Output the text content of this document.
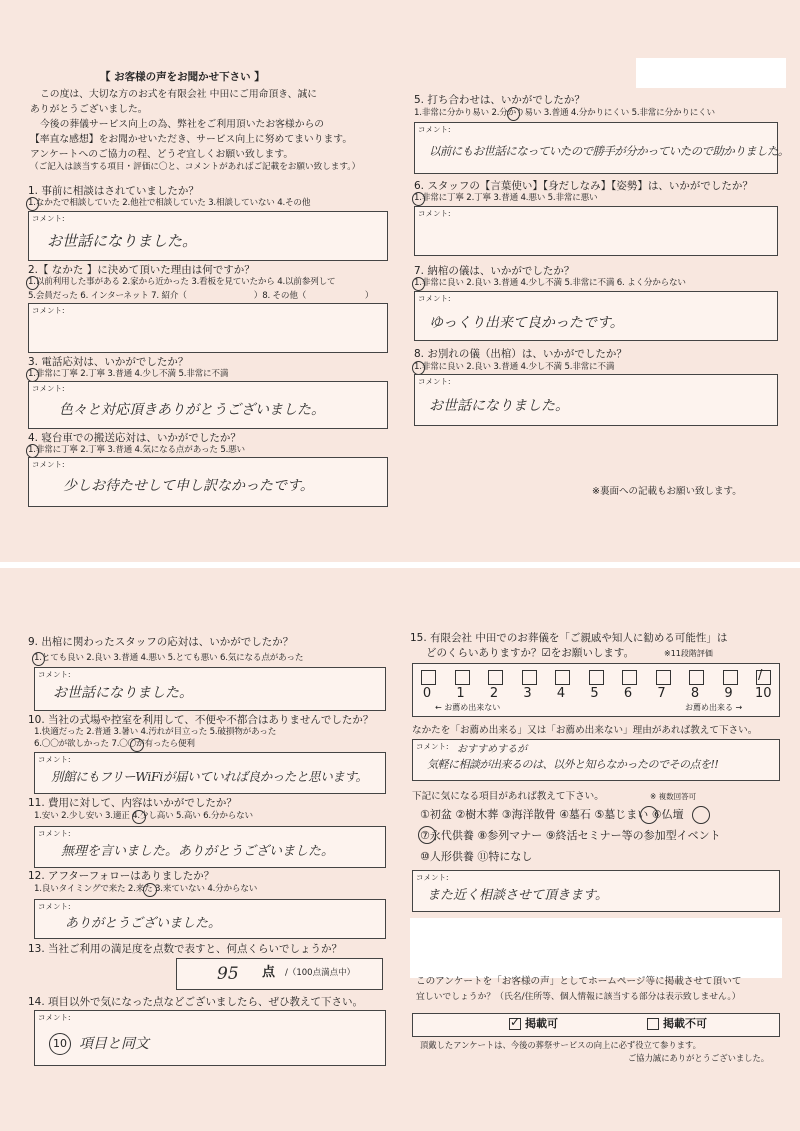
【 お客様の声をお聞かせ下さい 】
この度は、大切な方のお式を有限会社 中田にご用命頂き、誠に
ありがとうございました。
今後の葬儀サービス向上の為、弊社をご利用頂いたお客様からの
【率直な感想】をお聞かせいただき、サービス向上に努めてまいります。
アンケートへのご協力の程、どうぞ宜しくお願い致します。
（ご記入は該当する項目・評価に〇と、コメントがあればご記載をお願い致します。）
1. 事前に相談はされていましたか？
1.なかたで相談していた 2.他社で相談していた 3.相談していない 4.その他
コメント:
お世話になりました。
2.【 なかた 】に決めて頂いた理由は何ですか？
1.以前利用した事がある 2.家から近かった 3.看板を見ていたから 4.以前参列して
5.会員だった 6. インターネット 7. 紹介（　　　　　　　　）8. その他（　　　　　　　）
コメント:
3. 電話応対は、いかがでしたか？
1.非常に丁寧 2.丁寧 3.普通 4.少し不満 5.非常に不満
コメント:
色々と対応頂きありがとうございました。
4. 寝台車での搬送応対は、いかがでしたか？
1.非常に丁寧 2.丁寧 3.普通 4.気になる点があった 5.悪い
コメント:
少しお待たせして申し訳なかったです。
5. 打ち合わせは、いかがでしたか？
1.非常に分かり易い 2.分かり易い 3.普通 4.分かりにくい 5.非常に分かりにくい
コメント:
以前にもお世話になっていたので勝手が分かっていたので助かりました。
6. スタッフの【言葉使い】【身だしなみ】【姿勢】は、いかがでしたか？
1.非常に丁寧 2.丁寧 3.普通 4.悪い 5.非常に悪い
コメント:
7. 納棺の儀は、いかがでしたか？
1.非常に良い 2.良い 3.普通 4.少し不満 5.非常に不満 6. よく分からない
コメント:
ゆっくり出来て良かったです。
8. お別れの儀（出棺）は、いかがでしたか？
1.非常に良い 2.良い 3.普通 4.少し不満 5.非常に不満
コメント:
お世話になりました。
※裏面への記載もお願い致します。
9. 出棺に関わったスタッフの応対は、いかがでしたか？
1.とても良い 2.良い 3.普通 4.悪い 5.とても悪い 6.気になる点があった
コメント:
お世話になりました。
10. 当社の式場や控室を利用して、不便や不都合はありませんでしたか？
1.快適だった 2.普通 3.暑い 4.汚れが目立った 5.破損物があった
6.〇〇が欲しかった 7.〇〇が有ったら便利
コメント:
別館にもフリーWiFiが届いていれば良かったと思います。
11. 費用に対して、内容はいかがでしたか？
1.安い 2.少し安い 3.適正 4.少し高い 5.高い 6.分からない
コメント:
無理を言いました。ありがとうございました。
12. アフターフォローはありましたか？
1.良いタイミングで来た 2.来た 3.来ていない 4.分からない
コメント:
ありがとうございました。
13. 当社ご利用の満足度を点数で表すと、何点くらいでしょうか？
95 点 /（100点満点中）
14. 項目以外で気になった点などございましたら、ぜひ教えて下さい。
コメント:
10 項目と同文
15. 有限会社 中田でのお葬儀を「ご親戚や知人に勧める可能性」は
どのくらいありますか？☑をお願いします。	※11段階評価
0 1 2 3 4 5 6 7 8 9
/
10
← お薦め出来ない	お薦め出来る →
なかたを「お薦め出来る」又は「お薦め出来ない」理由があれば教えて下さい。
コメント: おすすめするが
気軽に相談が出来るのは、以外と知らなかったのでその点を!!
下記に気になる項目があれば教えて下さい。	※ 複数回答可
①初盆 ②樹木葬 ③海洋散骨 ④墓石 ⑤墓じまい ⑥仏壇
⑦永代供養 ⑧参列マナー ⑨終活セミナー等の参加型イベント
⑩人形供養 ⑪特になし
コメント:
また近く相談させて頂きます。
このアンケートを「お客様の声」としてホームページ等に掲載させて頂いて
宜しいでしょうか？（氏名/住所等、個人情報に該当する部分は表示致しません。）
✓ 掲載可	掲載不可
頂戴したアンケートは、今後の葬祭サービスの向上に必ず役立て参ります。
ご協力誠にありがとうございました。
